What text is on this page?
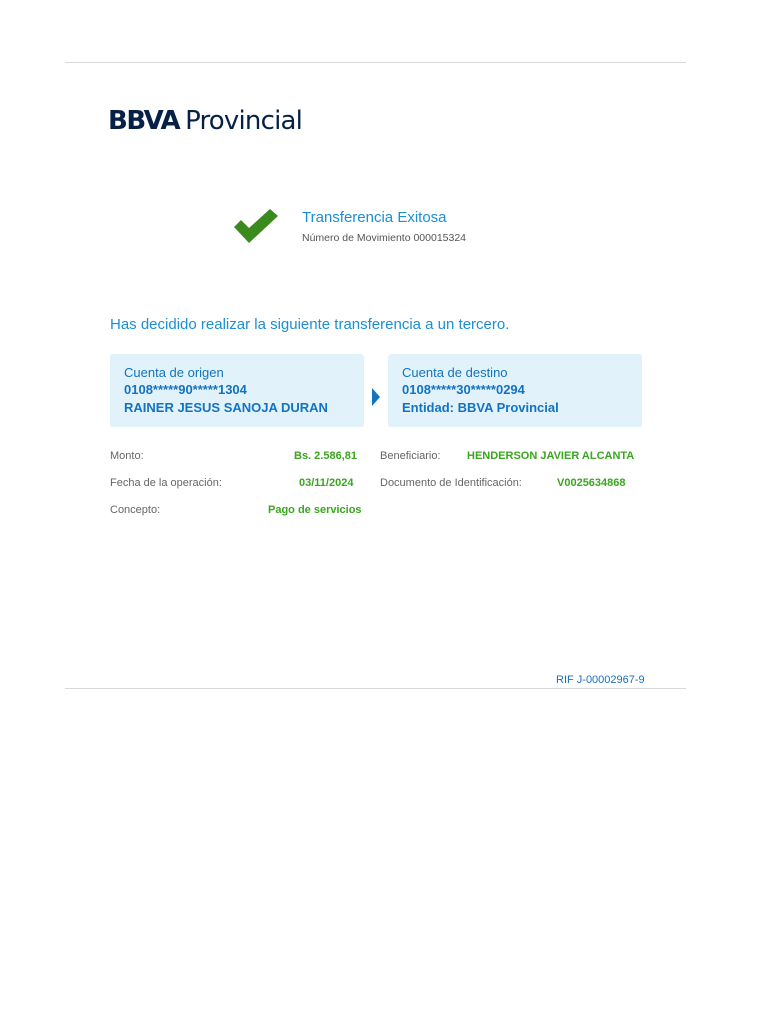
BBVA Provincial
Transferencia Exitosa
Número de Movimiento 000015324
Has decidido realizar la siguiente transferencia a un tercero.
Cuenta de origen
0108*****90*****1304
RAINER JESUS SANOJA DURAN
Cuenta de destino
0108*****30*****0294
Entidad: BBVA Provincial
Monto:	Bs. 2.586,81
Fecha de la operación:	03/11/2024
Concepto:	Pago de servicios
Beneficiario: HENDERSON JAVIER ALCANTA
Documento de Identificación:	V0025634868
RIF J-00002967-9
